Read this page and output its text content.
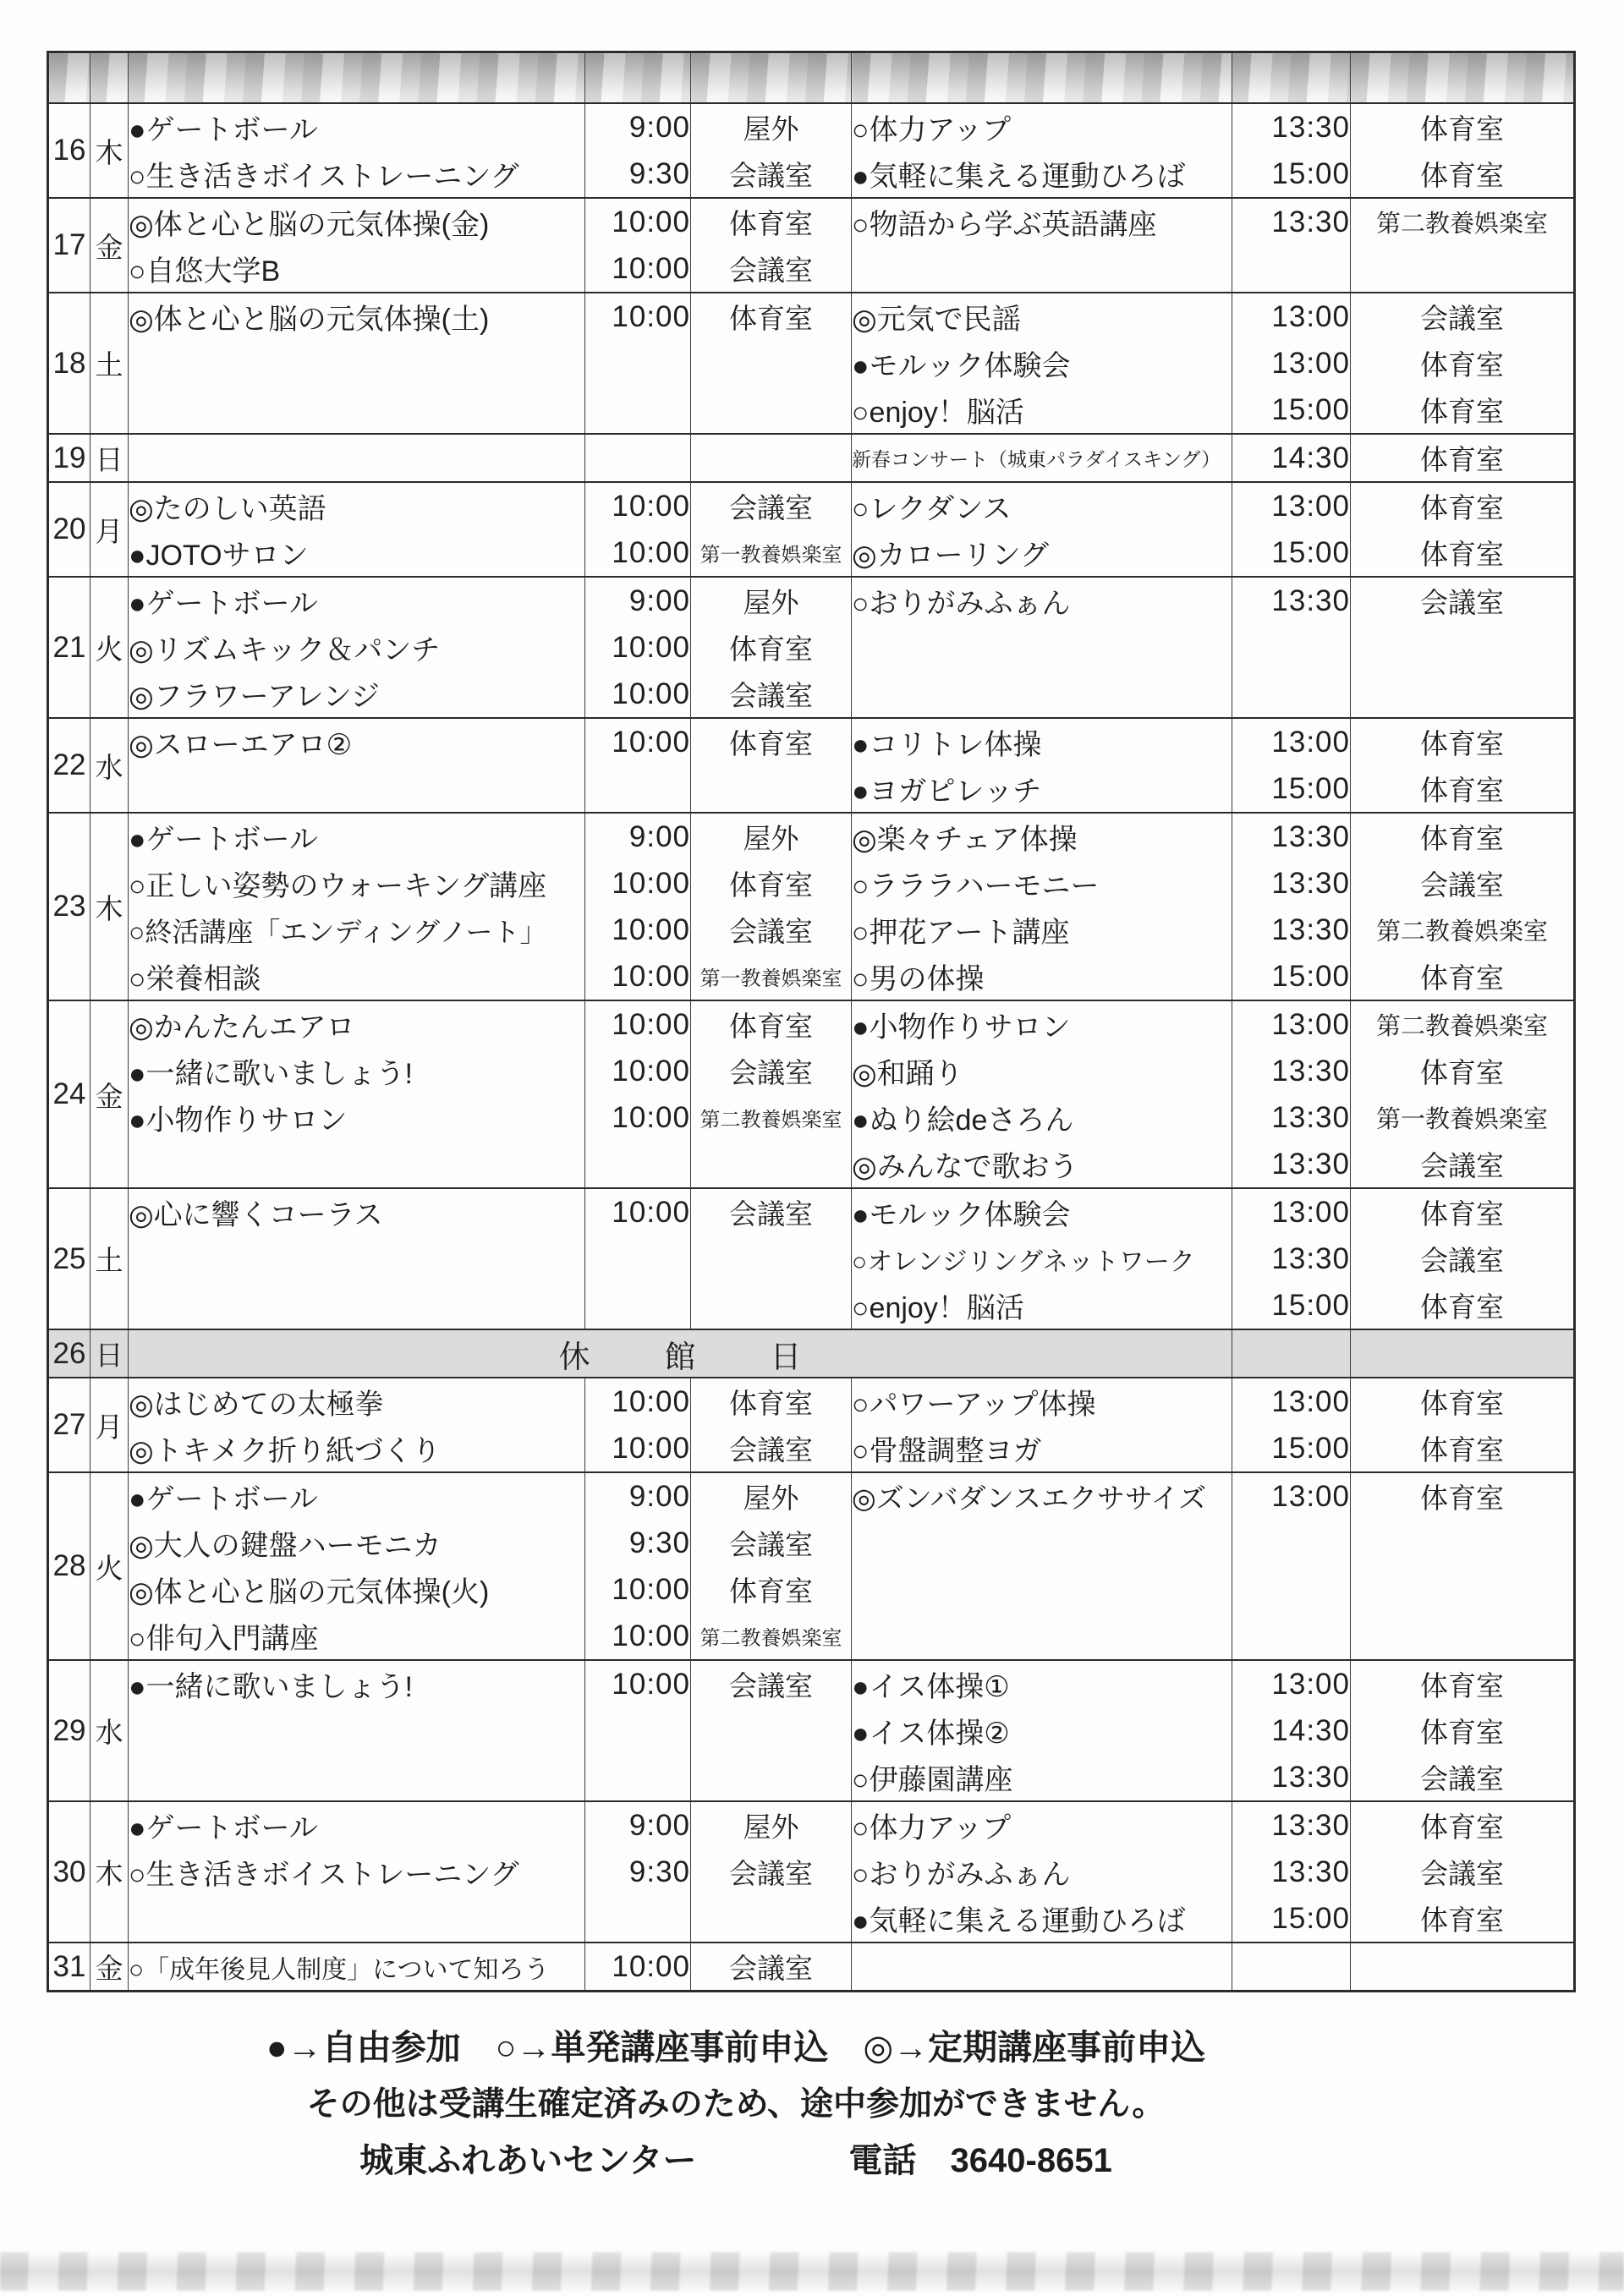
16	木	●ゲートボール	9:00	屋外	○体力アップ	13:30	体育室
		○生き活きボイストレーニング	9:30	会議室	●気軽に集える運動ひろば	15:00	体育室
17	金	◎体と心と脳の元気体操(金)	10:00	体育室	○物語から学ぶ英語講座	13:30	第二教養娯楽室
		○自悠大学B	10:00	会議室			
18	土	◎体と心と脳の元気体操(土)	10:00	体育室	◎元気で民謡	13:00	会議室
					●モルック体験会	13:00	体育室
					○enjoy！脳活	15:00	体育室
19	日				新春コンサート（城東パラダイスキング）	14:30	体育室
20	月	◎たのしい英語	10:00	会議室	○レクダンス	13:00	体育室
		●JOTOサロン	10:00	第一教養娯楽室	◎カローリング	15:00	体育室
21	火	●ゲートボール	9:00	屋外	○おりがみふぁん	13:30	会議室
		◎リズムキック＆パンチ	10:00	体育室			
		◎フラワーアレンジ	10:00	会議室			
22	水	◎スローエアロ②	10:00	体育室	●コリトレ体操	13:00	体育室
					●ヨガピレッチ	15:00	体育室
23	木	●ゲートボール	9:00	屋外	◎楽々チェア体操	13:30	体育室
		○正しい姿勢のウォーキング講座	10:00	体育室	○ラララハーモニー	13:30	会議室
		○終活講座「エンディングノート」	10:00	会議室	○押花アート講座	13:30	第二教養娯楽室
		○栄養相談	10:00	第一教養娯楽室	○男の体操	15:00	体育室
24	金	◎かんたんエアロ	10:00	体育室	●小物作りサロン	13:00	第二教養娯楽室
		●一緒に歌いましょう!	10:00	会議室	◎和踊り	13:30	体育室
		●小物作りサロン	10:00	第二教養娯楽室	●ぬり絵deさろん	13:30	第一教養娯楽室
					◎みんなで歌おう	13:30	会議室
25	土	◎心に響くコーラス	10:00	会議室	●モルック体験会	13:00	体育室
					○オレンジリングネットワーク	13:30	会議室
					○enjoy！脳活	15:00	体育室
26	日	休館日					
27	月	◎はじめての太極拳	10:00	体育室	○パワーアップ体操	13:00	体育室
		◎トキメク折り紙づくり	10:00	会議室	○骨盤調整ヨガ	15:00	体育室
28	火	●ゲートボール	9:00	屋外	◎ズンバダンスエクササイズ	13:00	体育室
		◎大人の鍵盤ハーモニカ	9:30	会議室			
		◎体と心と脳の元気体操(火)	10:00	体育室			
		○俳句入門講座	10:00	第二教養娯楽室			
29	水	●一緒に歌いましょう!	10:00	会議室	●イス体操①	13:00	体育室
					●イス体操②	14:30	体育室
					○伊藤園講座	13:30	会議室
30	木	●ゲートボール	9:00	屋外	○体力アップ	13:30	体育室
		○生き活きボイストレーニング	9:30	会議室	○おりがみふぁん	13:30	会議室
					●気軽に集える運動ひろば	15:00	体育室
31	金	○「成年後見人制度」について知ろう	10:00	会議室			
●→自由参加　○→単発講座事前申込　◎→定期講座事前申込
その他は受講生確定済みのため、途中参加ができません。
城東ふれあいセンター	電話　3640-8651
